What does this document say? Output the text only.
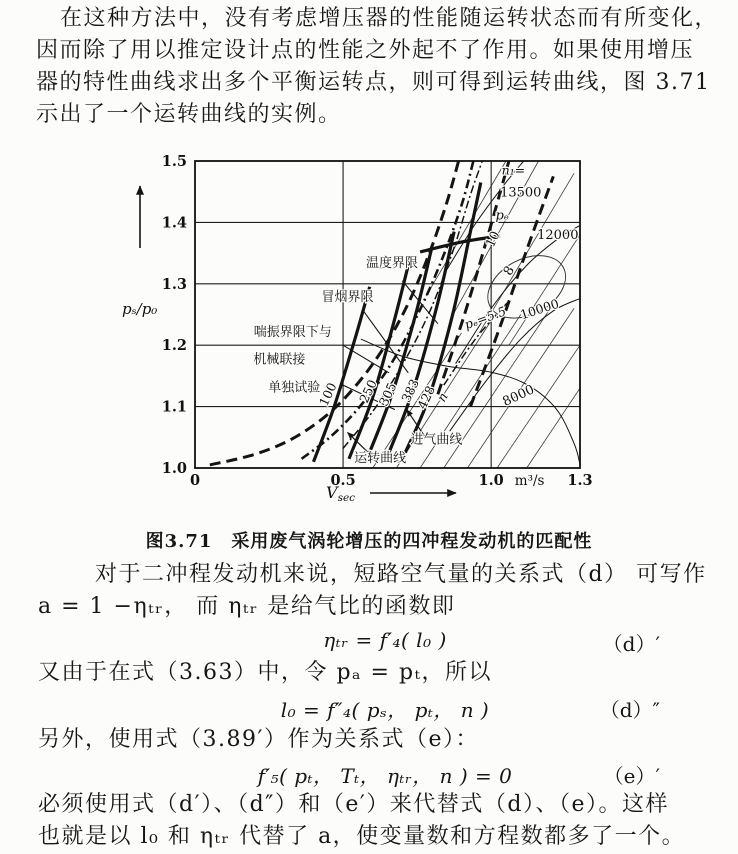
在这种方法中，没有考虑增压器的性能随运转状态而有所变化，
因而除了用以推定设计点的性能之外起不了作用。如果使用增压
器的特性曲线求出多个平衡运转点，则可得到运转曲线，图 3.71
示出了一个运转曲线的实例。
温度界限
冒烟界限
喘振界限下与
机械联接
单独试验
进气曲线
运转曲线
100 250
305
383
428
n
n₁=
13500
pₑ
10	12000
8
pₑ=5.5 10000
8000
0	0.5	1.0	1.3
m³/s
1.0
1.1
1.2
1.3
1.4
1.5
pₛ/p₀
Vsec
图3.71　采用废气涡轮增压的四冲程发动机的匹配性
对于二冲程发动机来说，短路空气量的关系式（d） 可写作
a = 1 −ηₜᵣ， 而 ηₜᵣ 是给气比的函数即
ηₜᵣ = f′₄( l₀ )	（d）′
又由于在式（3.63）中，令 pₐ = pₜ，所以
l₀ = f″₄( pₛ， pₜ， n )	（d）″
另外，使用式（3.89′）作为关系式（e）：
f′₅( pₜ， Tₜ， ηₜᵣ， n ) = 0	（e）′
必须使用式（d′）、（d″）和（e′）来代替式（d）、（e）。这样
也就是以 l₀ 和 ηₜᵣ 代替了 a，使变量数和方程数都多了一个。
